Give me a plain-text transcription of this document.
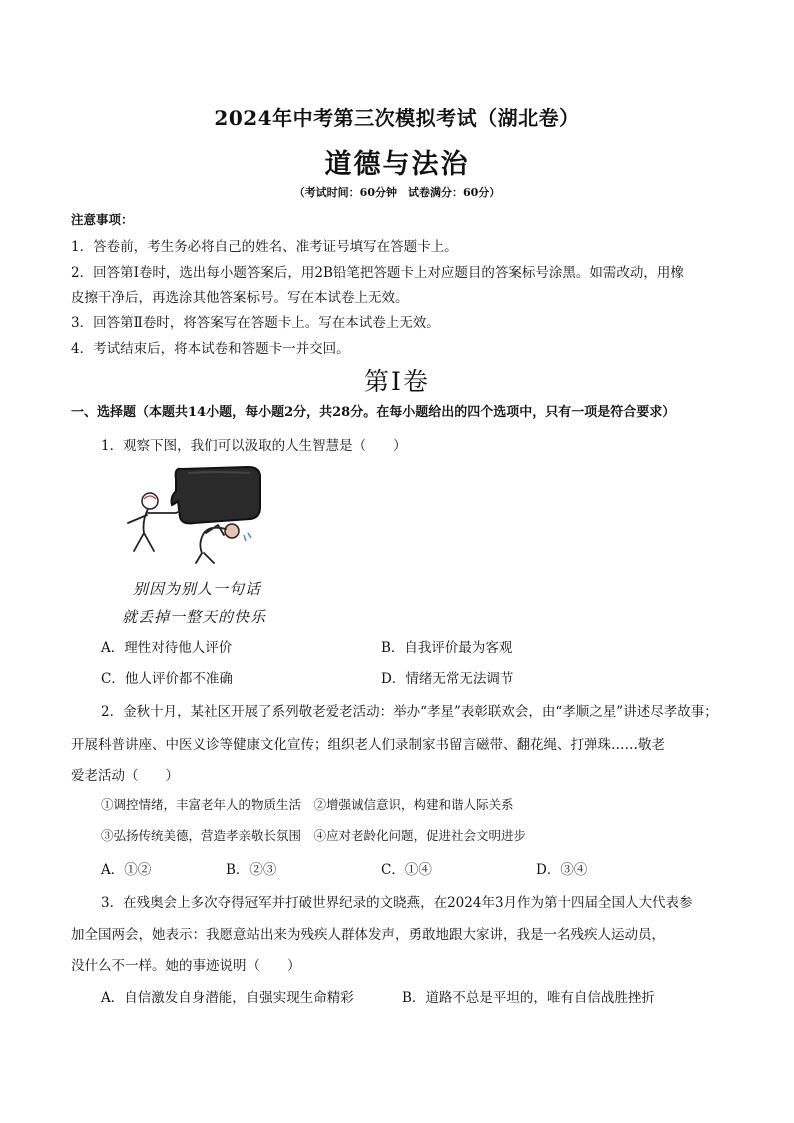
2024年中考第三次模拟考试（湖北卷）
道德与法治
（考试时间：60分钟　试卷满分：60分）
注意事项：
1．答卷前，考生务必将自己的姓名、准考证号填写在答题卡上。
2．回答第Ⅰ卷时，选出每小题答案后，用2B铅笔把答题卡上对应题目的答案标号涂黑。如需改动，用橡
皮擦干净后，再选涂其他答案标号。写在本试卷上无效。
3．回答第Ⅱ卷时，将答案写在答题卡上。写在本试卷上无效。
4．考试结束后，将本试卷和答题卡一并交回。
第Ⅰ卷
一、选择题（本题共14小题，每小题2分，共28分。在每小题给出的四个选项中，只有一项是符合要求）
1．观察下图，我们可以汲取的人生智慧是（　　）
别因为别人一句话
就丢掉一整天的快乐
A．理性对待他人评价	B．自我评价最为客观
C．他人评价都不准确	D．情绪无常无法调节
2．金秋十月，某社区开展了系列敬老爱老活动：举办“孝星”表彰联欢会，由“孝顺之星”讲述尽孝故事；
开展科普讲座、中医义诊等健康文化宣传；组织老人们录制家书留言磁带、翻花绳、打弹珠……敬老
爱老活动（　　）
①调控情绪，丰富老年人的物质生活　②增强诚信意识，构建和谐人际关系
③弘扬传统美德，营造孝亲敬长氛围　④应对老龄化问题，促进社会文明进步
A．①②	B．②③	C．①④	D．③④
3．在残奥会上多次夺得冠军并打破世界纪录的文晓燕，在2024年3月作为第十四届全国人大代表参
加全国两会，她表示：我愿意站出来为残疾人群体发声，勇敢地跟大家讲，我是一名残疾人运动员，
没什么不一样。她的事迹说明（　　）
A．自信激发自身潜能，自强实现生命精彩	B．道路不总是平坦的，唯有自信战胜挫折
